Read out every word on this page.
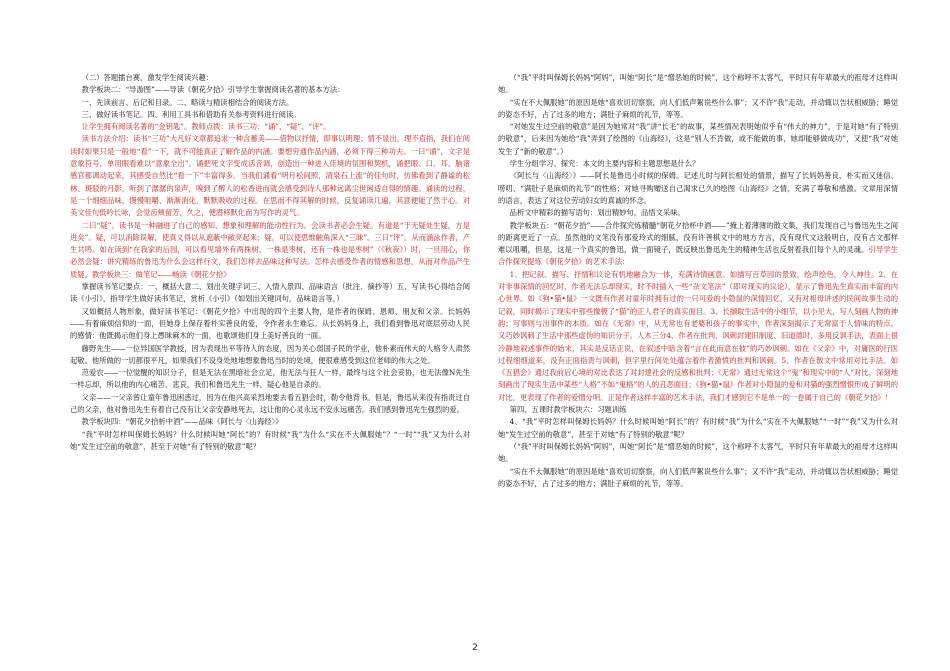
（二）答题擂台赛，激发学生阅读兴趣：

教学板块二：“导游图”——导读《朝花夕拾》引导学生掌握阅读名著的基本方法：

一、先读前言、后记和目录。二、略读与精读相结合的阅读方法。

三、做好读书笔记。四、利用工具书和借助有关参考资料进行阅读。

让学生拥有阅读名著的“金钥匙”。教师点拨：读书三功：“诵”、“疑”、“评”。

读书方法介绍：读书“三功”大凡好文章都追求一种含蓄美——借物以抒情，即事以明理；情不显出，理不直指，我们在阅读时如果只是一般地“看”一下，就不可能真正了解作品的内涵。要想穷通作品内涵，必须下得三种功夫。一曰“诵”，文字是意象符号，单用眼看难以“意象全出”。诵把死文字变成活音调，创造出一种进入佳境的氛围和契机，诵把眼、口、耳、脑诸感官都调动起来，其感受自然比“看一下”丰富得多。当我们诵看“明月松间照，清泉石上流”的佳句时，仿佛看到了静谧的松林、斑驳的月影，听到了潺潺的泉声，嗅到了醉人的松香进而就会感受到诗人那种远离尘世闲适自得的情趣。诵读的过程，是一个细细品味、慢慢咀嚼、渐渐消化、默默吸收的过程。在思而不得其解的时候，反复诵读几遍，其意便能了然于心。对美文佳句低吟长咏，会觉齿颊留芳，久之，便潜移默化而为写作的灵气。

二曰“疑”。读书是一种融进了自己的感知、想象和理解的能动性行为。会读书者必会生疑。有道是“于无疑处生疑，方是进矣”。疑，可以消除误解，使真义得以从遮蔽中敞亮起来；疑，可以使思维触角深入“三昧”。三曰“评”。从而涵泳作者，产生共鸣。如在读到“在我家的后园，可以看见墙外有两株树，一株是枣树，还有一株也是枣树”（《秋夜》）时，一旦用心，你必然会疑：讲究精练的鲁迅为什么会这样行文，我们怎样去品味这种写法。怎样去感受作者的情感和思想，从而对作品产生质疑。教学板块三：做笔记——畅读《朝花夕拾》

掌握读书笔记要点：一、概括大意二、划出关键字词三、入情入景四、品味语言（批注、摘抄等）五、写读书心得结合阅读《小引》，指导学生做好读书笔记，赏析《小引》（如划出关键词句，品味语言等。）

又如概括人物形象，做好读书笔记：《朝花夕拾》中出现的四个主要人物，是作者的保姆、恩师、朋友和父亲。长妈妈——有着麻烦信仰的一面，但她身上保存着朴实善良的爱，令作者永生难忘。从长妈妈身上，我们看到鲁迅对底层劳动人民的感情：他既揭示他们身上愚昧麻木的一面，也歌颂他们身上美好善良的一面。

藤野先生——一位异国医学教授，因为表现出平等待人的态度，因为关心弱国子民的学业，他朴素而伟大的人格令人肃然起敬。他所做的一切都很平凡，如果我们不设身处地地想象鲁迅当时的处境，便很难感受到这位老师的伟大之处。

范爱农——一位觉醒的知识分子，但是无法在黑暗社会立足，他无法与狂人一样，最终与这个社会妥协，也无法像N先生一样忘却，所以他的内心痛苦、悲哀，我们和鲁迅先生一样，疑心他是自杀的。

父亲——一父亲曾让童年鲁迅困惑过，因为在他兴高采烈地要去看五猖会时，勒令他背书。但是，鲁迅从来没有指责过自己的父亲，他对鲁迅先生有着自己没有让父亲安静地死去，这让他的心灵永远不安永远痛苦。我们感到鲁迅先生强烈的爱。

教学板块四：“朝花夕拾析中酒”——品味《阿长与〈山海经〉》

“我”平时怎样叫保姆长妈妈？什么时候叫她“阿长”的？有时候“我”为什么“实在不大佩服她”？“一时”“我”又为什么对她“发生过空前的敬意”，甚至于对她“有了特别的敬意”呢？

（“我”平时叫保姆长妈妈“阿妈”，叫她“阿长”是“憎恶她的时候”，这个称呼不太客气，平时只有年辈最大的祖母才这样叫她。

“实在不大佩服她”的原因是她“喜欢切切察察，向人们低声絮说些什么事”；又不许“我”走动，并动辄以告状相威胁；睡觉的姿态不好，占了过多的地方；满肚子麻烦的礼节，等等。

“对她发生过空前的敬意”是因为她常对“我”讲“长毛”的故事，某些情况表明她似乎有“伟大的神力”，于是对她“有了特别的敬意”，后来因为她给“我”弄到了绘图的《山海经》，这是“别人不肯做，或不能做的事，她却能够做成功”，又使“我”对她发生了“新的敬意”。）

学生分组学习、探究：本文的主要内容和主题思想是什么？

《阿长与〈山海经〉》——阿长是鲁迅小时候的保姆。记述儿时与阿长相处的情景，描写了长妈妈善良、朴实而又迷信、唠叨、“满肚子是麻烦的礼节”的性格；对她寻购赠送自己渴求已久的绘图《山海经》之情，充满了尊敬和感激。文章用深情的语言，表达了对这位劳动妇女的真诚的怀念。

品析文中精彩的描写语句：划出精妙句，品悟文采味。

教学板块五：“朝花夕拾”——合作探究炼精髓“朝花夕拾杯中酒——”掩上着薄薄的散文集，我们发现自己与鲁迅先生之间的距离更近了一点。虽然他的文笔没有那爱玲式的细腻，没有许善棋文中的地方方言，没有现代文这般明白，没有古文那样难以咀嚼，但是，这是一个真实的鲁迅，做一面镜子，既反映出鲁迅先生的精神生活也反射着我们每个人的灵魂。引导学生合作探究提炼《朝花夕拾》的艺术手法：

1、把记叙、描写、抒情和议论有机地融合为一体，充满诗情画意。如描写百草园的景致，绘声绘色，令人神往。2、在对非事深情的回忆时，作者无法忘却现实，时不时插入一些“杂文笔法”（即对现实的议论），显示了鲁迅先生真实而丰富的内心世界。如《狗•猫•鼠》一文既有作者对童年时拥有过的一只可爱的小隐鼠的深情回忆，又有对相母讲述的民间故事生动的记叙，同时揭示了现实中那些像极了“猫”的正人君子的真实面目。3、长撷取生活中的小细节，以小见大，写人刻画人物的神韵；写事则与出事件的本质。如在《无常》中，从无常也有老婆和孩子的事实中，作者深刻揭示了无常富于人情味的特点，又巧妙讽刺了生活中那些虚伪的知识分子。人木三分4、作者在批判、讽刺封建旧制度、旧道德时，多用反讽手法，表面上很冷静地叙述事件的始末，其实是反话正说，在叙述中暗含着“言在此而意在彼”的巧妙讽刺。如在《父亲》中，对庸医的行医过程细细道来，没有正面指责与讽刺，但字里行间处处蕴含着作者激愤的批判和讽刺。5、作者在散文中常用对比手法。如《五猖会》通过我前后心境的对比表达了对封建社会的反感和批判；《无常》通过无常这个“鬼”和现实中的“人”对比，深刻地刻画出了现实生活中某些“人格”不如“鬼格”的人的丑恶面目；《狗•猫•鼠》作者对小隐鼠的爱和对猫的强烈憎恨形成了鲜明的对比，更表现了作者的爱憎分明。正是作者这样丰富的艺术手法，我们才感到它不是单一的一卷属于自己的《朝花夕拾》！

第四、五课时教学板块六：习题训练

4、“我”平时怎样叫保姆长妈妈？什么时候叫她“阿长”的？有时候“我”为什么“实在不大佩服她”“一时”“我”又为什么对她“发生过空前的敬意”，甚至于对她“有了特别的敬意”呢？

（“我”平时叫保姆长妈妈“阿妈”，叫她“阿长”是“憎恶她的时候”，这个称呼不太客气，平时只有年辈最大的祖母才这样叫她。

“实在不大佩服她”的原因是她“喜欢切切察察，向人们低声絮说些什么事”；又不许“我”走动，并动辄以告状相威胁；睡觉的姿态不好，占了过多的地方；满肚子麻烦的礼节，等等。

2
